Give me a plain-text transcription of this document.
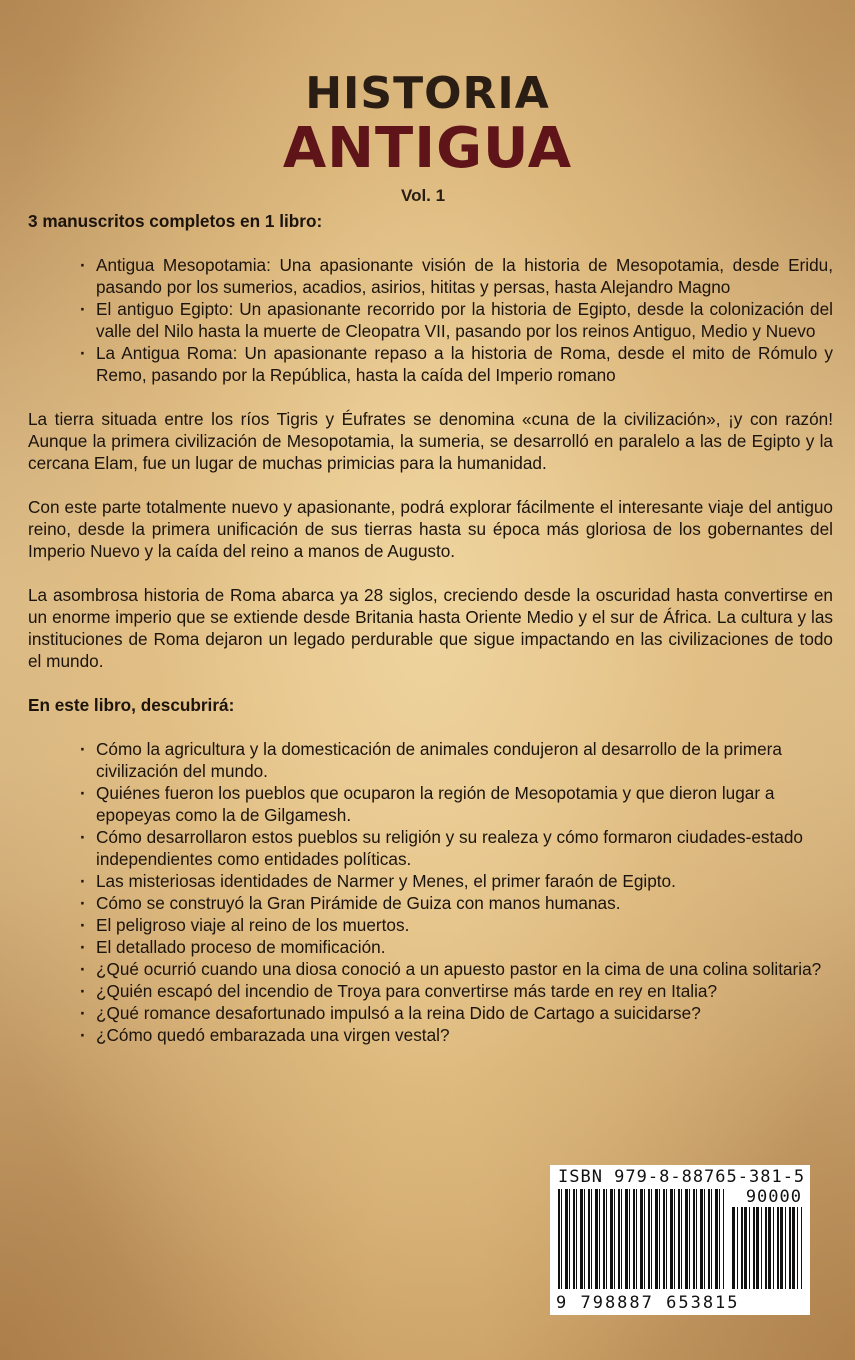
HISTORIA
ANTIGUA
Vol. 1

3 manuscritos completos en 1 libro:

· Antigua Mesopotamia: Una apasionante visión de la historia de Mesopotamia, desde Eridu, pasando por los sumerios, acadios, asirios, hititas y persas, hasta Alejandro Magno
· El antiguo Egipto: Un apasionante recorrido por la historia de Egipto, desde la colonización del valle del Nilo hasta la muerte de Cleopatra VII, pasando por los reinos Antiguo, Medio y Nuevo
· La Antigua Roma: Un apasionante repaso a la historia de Roma, desde el mito de Rómulo y Remo, pasando por la República, hasta la caída del Imperio romano

La tierra situada entre los ríos Tigris y Éufrates se denomina «cuna de la civilización», ¡y con razón! Aunque la primera civilización de Mesopotamia, la sumeria, se desarrolló en paralelo a las de Egipto y la cercana Elam, fue un lugar de muchas primicias para la humanidad.

Con este parte totalmente nuevo y apasionante, podrá explorar fácilmente el interesante viaje del antiguo reino, desde la primera unificación de sus tierras hasta su época más gloriosa de los gobernantes del Imperio Nuevo y la caída del reino a manos de Augusto.

La asombrosa historia de Roma abarca ya 28 siglos, creciendo desde la oscuridad hasta convertirse en un enorme imperio que se extiende desde Britania hasta Oriente Medio y el sur de África. La cultura y las instituciones de Roma dejaron un legado perdurable que sigue impactando en las civilizaciones de todo el mundo.

En este libro, descubrirá:

· Cómo la agricultura y la domesticación de animales condujeron al desarrollo de la primera civilización del mundo.
· Quiénes fueron los pueblos que ocuparon la región de Mesopotamia y que dieron lugar a epopeyas como la de Gilgamesh.
· Cómo desarrollaron estos pueblos su religión y su realeza y cómo formaron ciudades-estado independientes como entidades políticas.
· Las misteriosas identidades de Narmer y Menes, el primer faraón de Egipto.
· Cómo se construyó la Gran Pirámide de Guiza con manos humanas.
· El peligroso viaje al reino de los muertos.
· El detallado proceso de momificación.
· ¿Qué ocurrió cuando una diosa conoció a un apuesto pastor en la cima de una colina solitaria?
· ¿Quién escapó del incendio de Troya para convertirse más tarde en rey en Italia?
· ¿Qué romance desafortunado impulsó a la reina Dido de Cartago a suicidarse?
· ¿Cómo quedó embarazada una virgen vestal?
ISBN 979-8-88765-381-5
90000
9 798887 653815
